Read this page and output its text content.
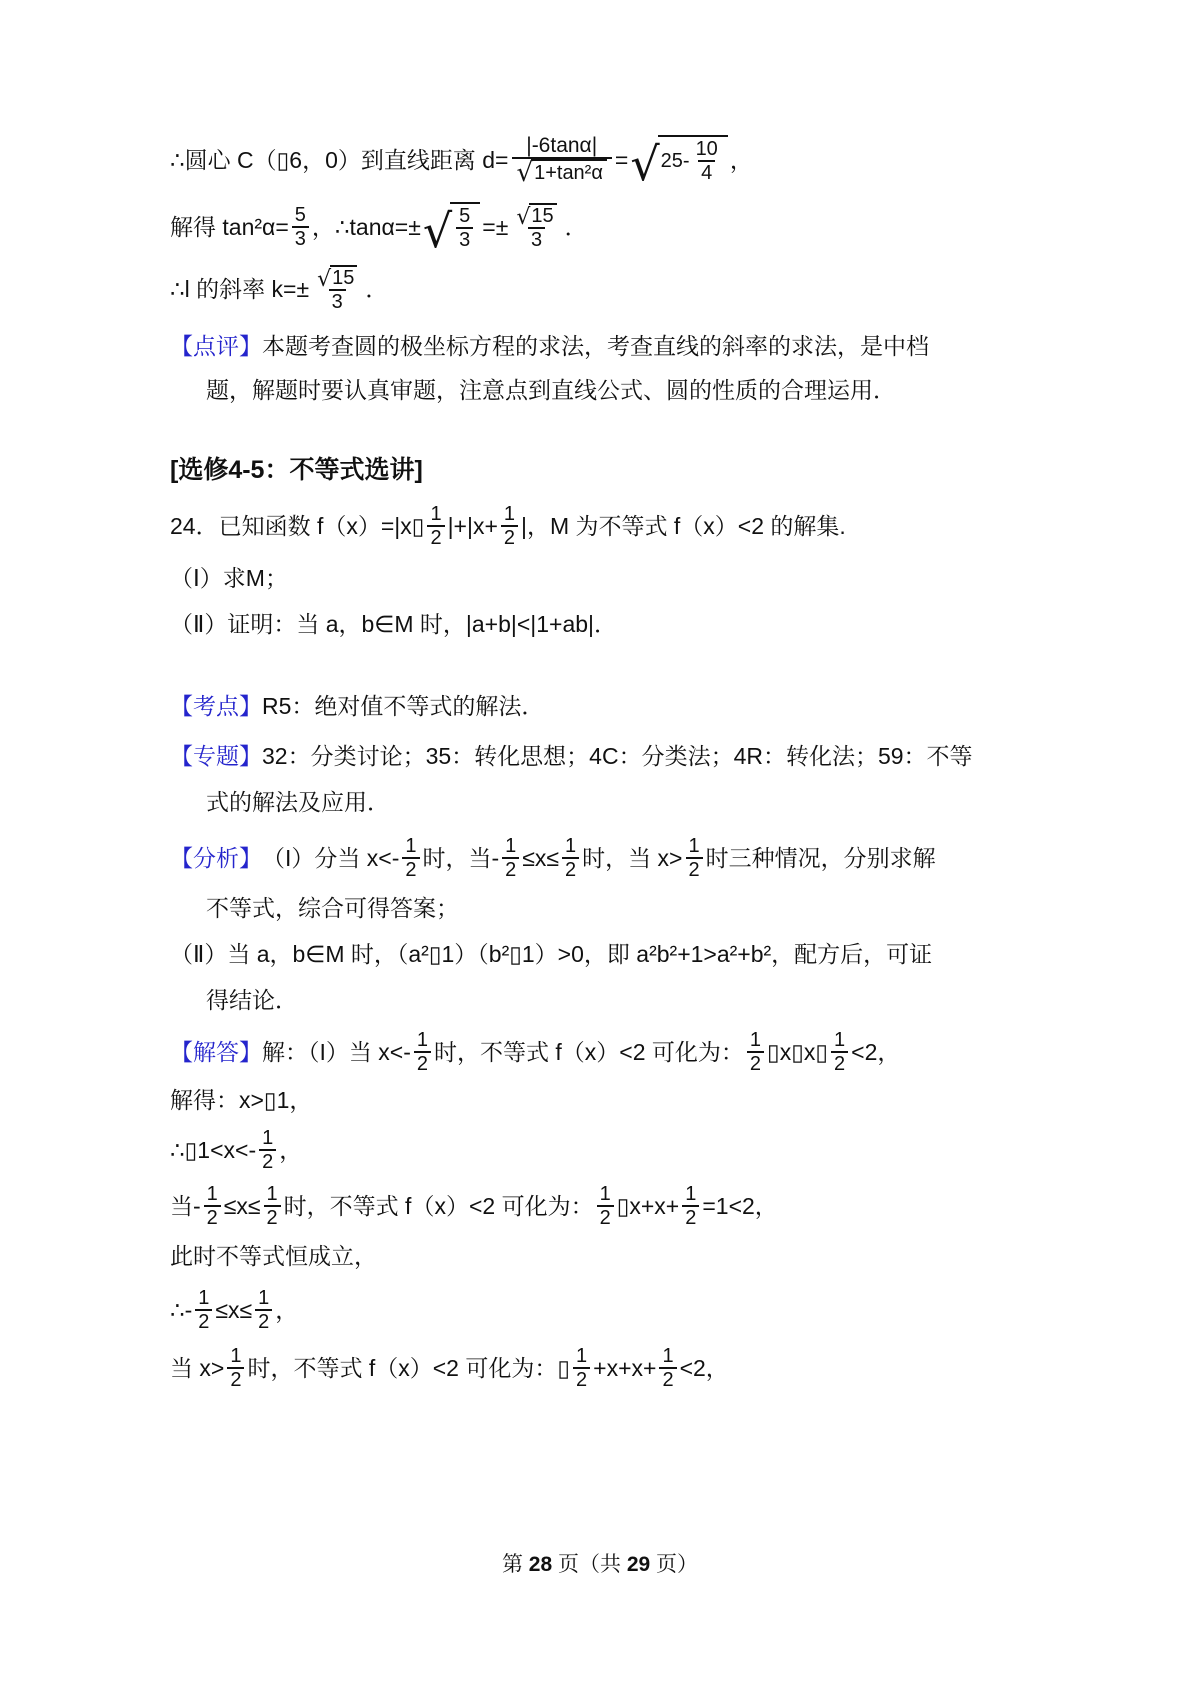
∴圆心 C（▯6，0）到直线距离 $d= \frac{|-6\tan\alpha|}{\text{√ 1+tan²α}}$ = √ $25- \frac{10}{4}$ ，
解得 $\tan^2\alpha= \frac{5}{3}$ ，∴tanα=± √ $\frac{5}{3} =\pm \frac{√ 15}{3}$ ．
∴l 的斜率 $k=\pm \frac{√ 15}{3}$ ．
【点评】 本题考查圆的极坐标方程的求法，考查直线的斜率的求法，是中档
题，解题时要认真审题，注意点到直线公式、圆的性质的合理运用．
[选修4-5：不等式选讲]
24．已知函数 f（x）=|x▯ $\frac{1}{2} |+|x+ \frac{1}{2}$ |，M 为不等式 f（x）<2 的解集.
（Ⅰ）求M；
（Ⅱ）证明：当 a，b∈M 时，|a+b|<|1+ab|．
【考点】 R5：绝对值不等式的解法．
【专题】 32：分类讨论；35：转化思想；4C：分类法；4R：转化法；59：不等
式的解法及应用．
【分析】 （I）分当 $x<- \frac{1}{2}$ 时，当- $\frac{1}{2} \le x\le \frac{1}{2}$ 时，当 $x> \frac{1}{2}$ 时三种情况，分别求解
不等式，综合可得答案；
（Ⅱ）当 a，b∈M 时，（a²▯1）（b²▯1）>0，即 a²b²+1>a²+b²，配方后，可证
得结论．
【解答】 解：（I）当 $x<- \frac{1}{2}$ 时，不等式 f（x）<2 可化为： $\frac{1}{2}$ ▯x▯x▯ $\frac{1}{2} <2$，
解得：x>▯1，
∴▯1<x<- $\frac{1}{2}$ ，
当- $\frac{1}{2} \le x\le \frac{1}{2}$ 时，不等式 f（x）<2 可化为： $\frac{1}{2}$ ▯x+x+ $\frac{1}{2} =1<2$，
此时不等式恒成立，
∴- $\frac{1}{2} \le x\le \frac{1}{2}$ ，
当 $x> \frac{1}{2}$ 时，不等式 f（x）<2 可化为：▯ $\frac{1}{2} +x+x+ \frac{1}{2} <2$，
第 28 页（共 29 页）
